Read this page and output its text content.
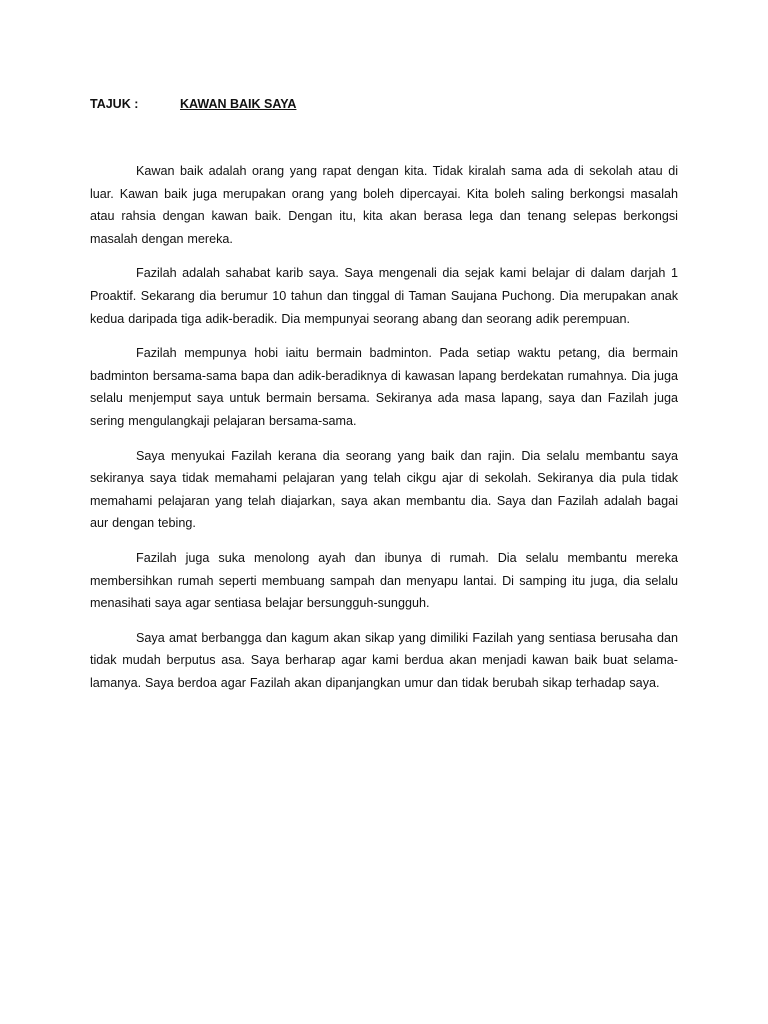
TAJUK :	KAWAN BAIK SAYA

Kawan baik adalah orang yang rapat dengan kita. Tidak kiralah sama ada di sekolah atau di luar. Kawan baik juga merupakan orang yang boleh dipercayai. Kita boleh saling berkongsi masalah atau rahsia dengan kawan baik. Dengan itu, kita akan berasa lega dan tenang selepas berkongsi masalah dengan mereka.

Fazilah adalah sahabat karib saya. Saya mengenali dia sejak kami belajar di dalam darjah 1 Proaktif. Sekarang dia berumur 10 tahun dan tinggal di Taman Saujana Puchong. Dia merupakan anak kedua daripada tiga adik-beradik. Dia mempunyai seorang abang dan seorang adik perempuan.

Fazilah mempunya hobi iaitu bermain badminton. Pada setiap waktu petang, dia bermain badminton bersama-sama bapa dan adik-beradiknya di kawasan lapang berdekatan rumahnya. Dia juga selalu menjemput saya untuk bermain bersama. Sekiranya ada masa lapang, saya dan Fazilah juga sering mengulangkaji pelajaran bersama-sama.

Saya menyukai Fazilah kerana dia seorang yang baik dan rajin. Dia selalu membantu saya sekiranya saya tidak memahami pelajaran yang telah cikgu ajar di sekolah. Sekiranya dia pula tidak memahami pelajaran yang telah diajarkan, saya akan membantu dia. Saya dan Fazilah adalah bagai aur dengan tebing.

Fazilah juga suka menolong ayah dan ibunya di rumah. Dia selalu membantu mereka membersihkan rumah seperti membuang sampah dan menyapu lantai. Di samping itu juga, dia selalu menasihati saya agar sentiasa belajar bersungguh-sungguh.

Saya amat berbangga dan kagum akan sikap yang dimiliki Fazilah yang sentiasa berusaha dan tidak mudah berputus asa. Saya berharap agar kami berdua akan menjadi kawan baik buat selama-lamanya. Saya berdoa agar Fazilah akan dipanjangkan umur dan tidak berubah sikap terhadap saya.
